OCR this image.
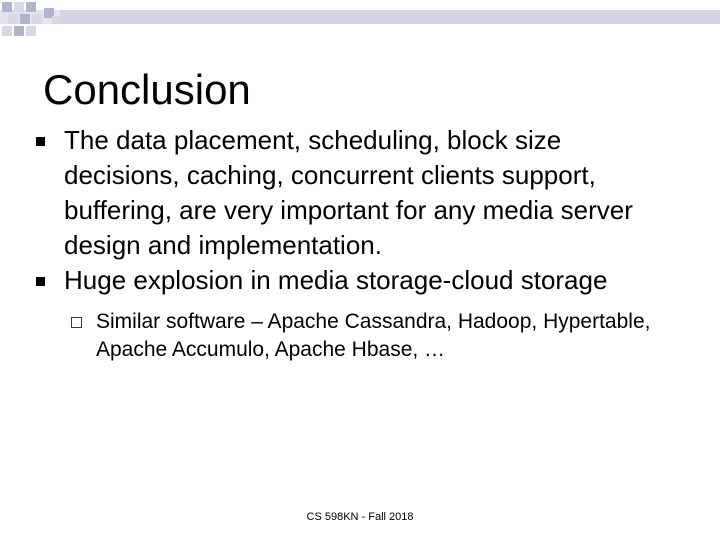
Conclusion
The data placement, scheduling, block size decisions, caching, concurrent clients support, buffering, are very important for any media server design and implementation.
Huge explosion in media storage-cloud storage
Similar software – Apache Cassandra, Hadoop, Hypertable, Apache Accumulo, Apache Hbase, …
CS 598KN - Fall 2018
